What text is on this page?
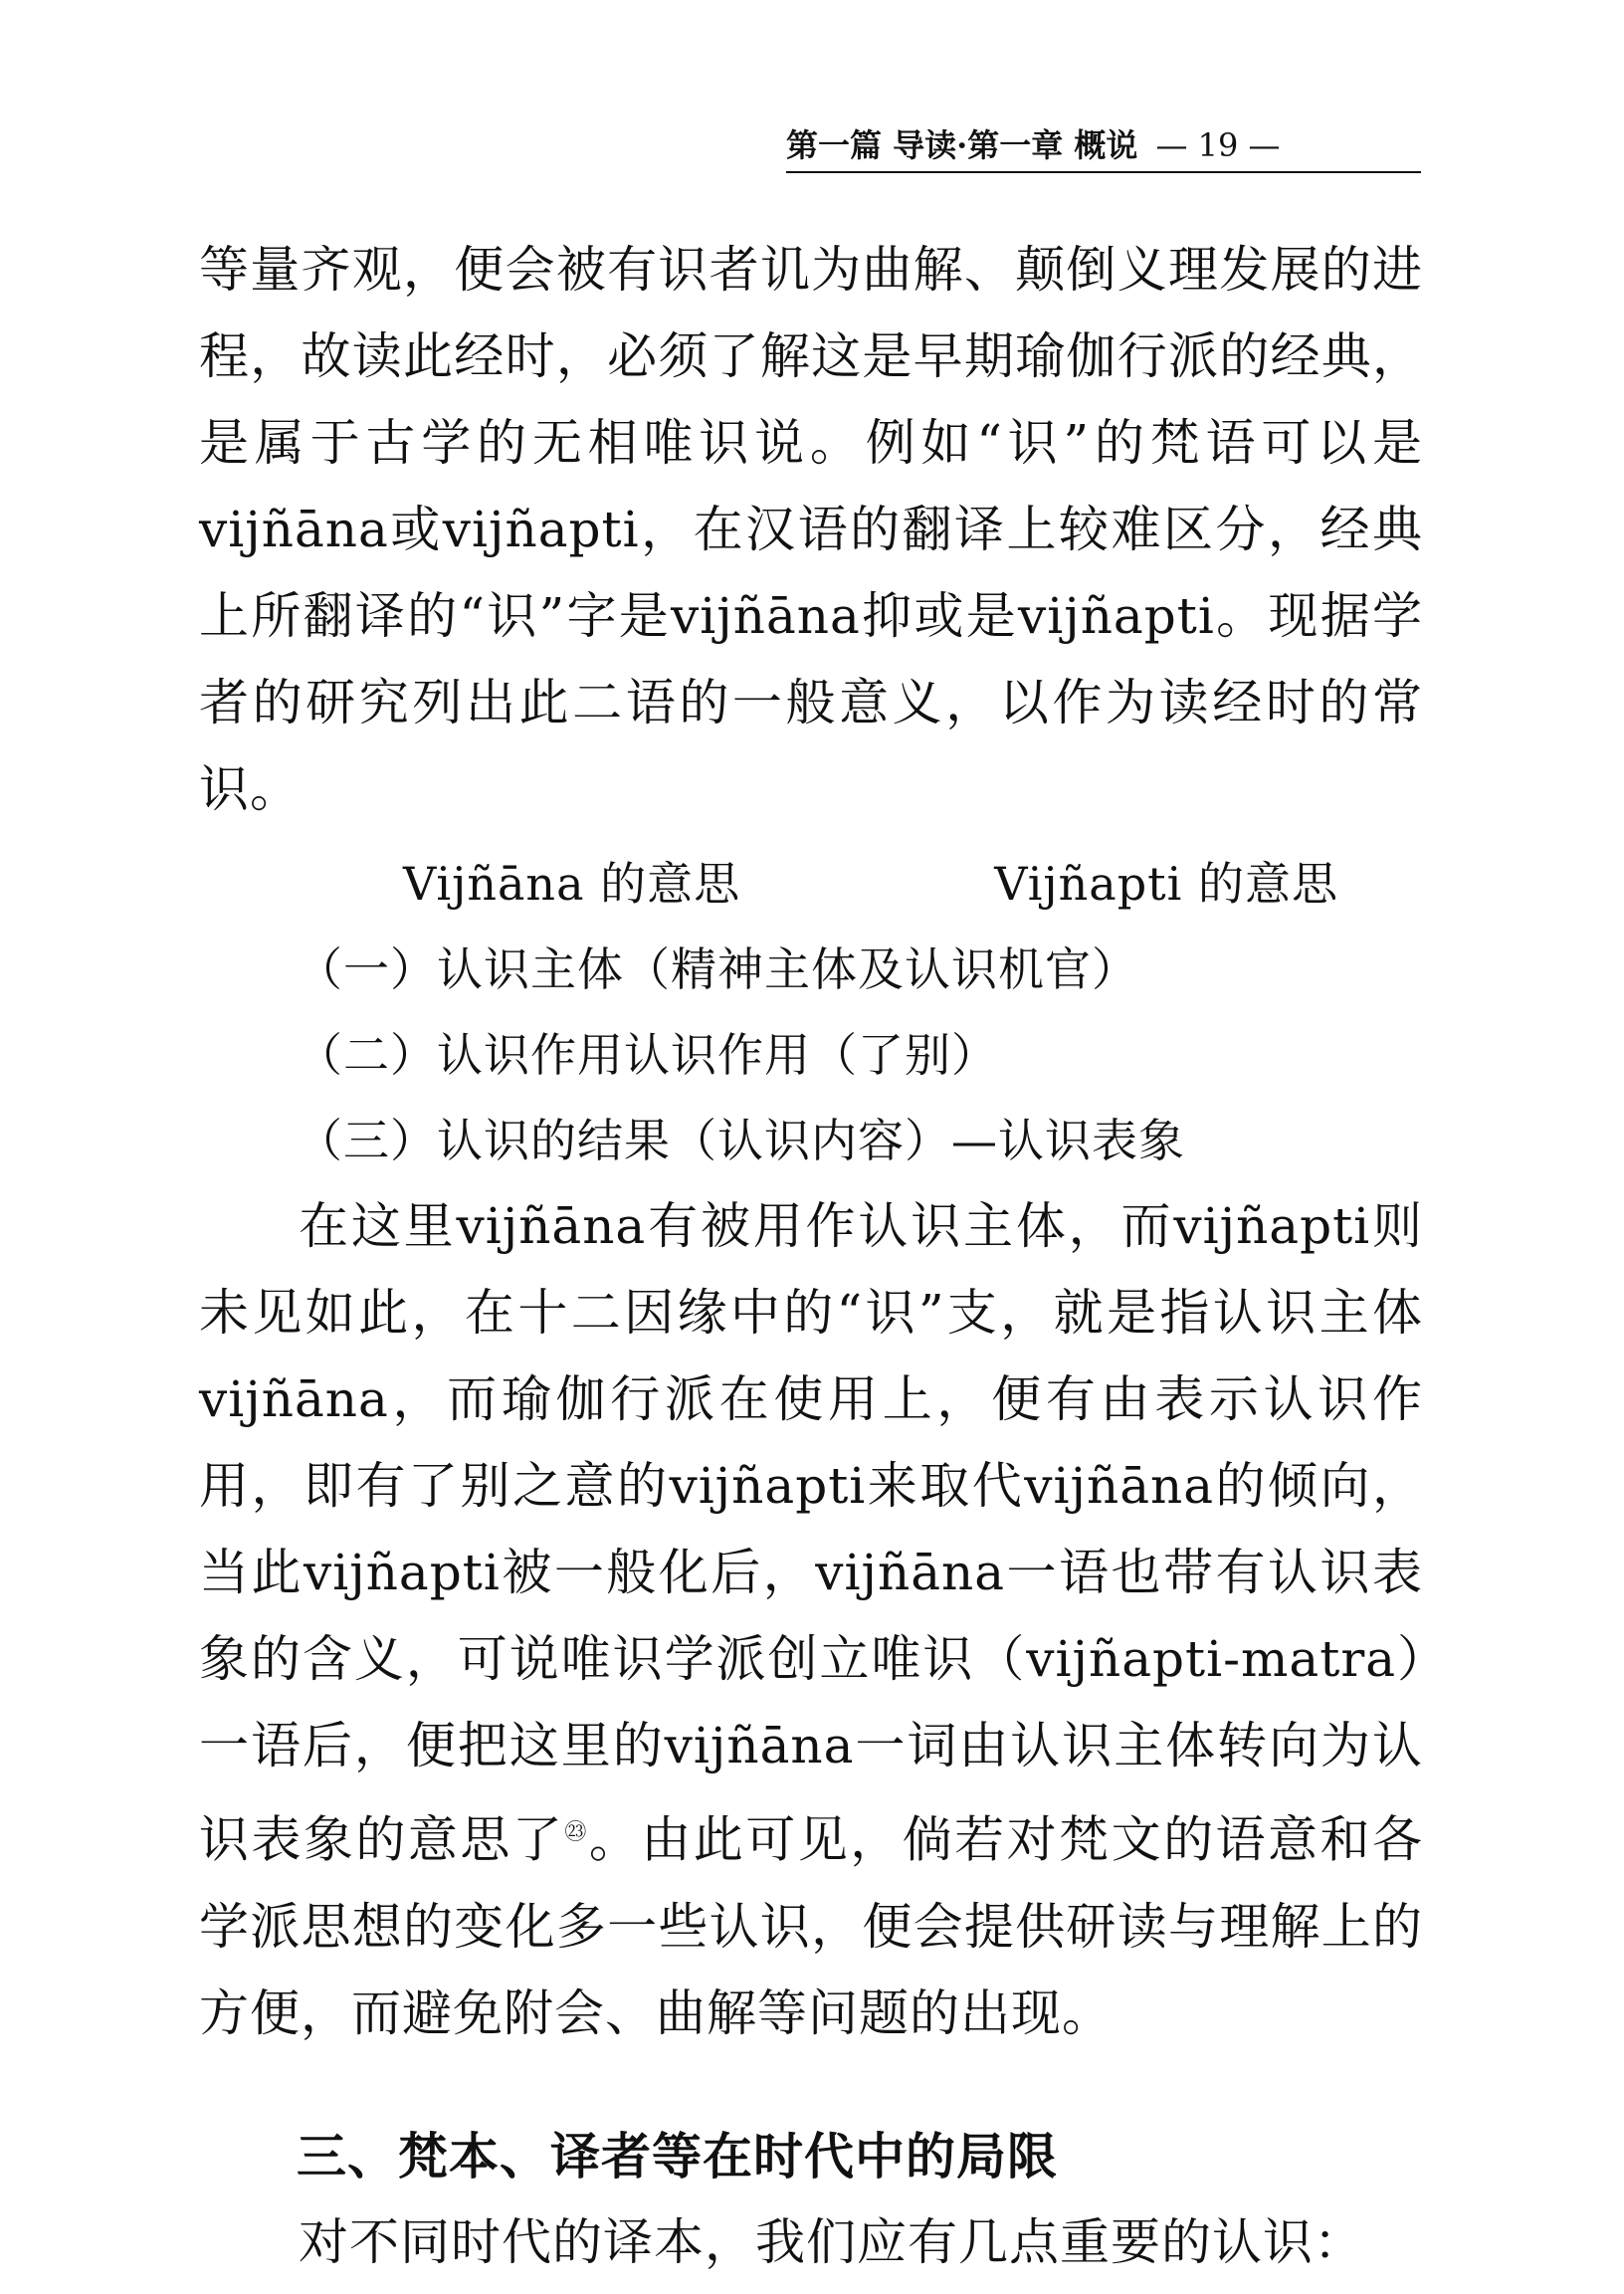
第一篇 导读·第一章 概说 — 19 —

等量齐观，便会被有识者讥为曲解、颠倒义理发展的进程，故读此经时，必须了解这是早期瑜伽行派的经典，是属于古学的无相唯识说。例如“识”的梵语可以是vijñāna或vijñapti，在汉语的翻译上较难区分，经典上所翻译的“识”字是vijñāna抑或是vijñapti。现据学者的研究列出此二语的一般意义，以作为读经时的常识。

Vijñāna 的意思	Vijñapti 的意思
（一）认识主体（精神主体及认识机官）
（二）认识作用认识作用（了别）
（三）认识的结果（认识内容）—认识表象

在这里vijñāna有被用作认识主体，而vijñapti则未见如此，在十二因缘中的“识”支，就是指认识主体vijñāna，而瑜伽行派在使用上，便有由表示认识作用，即有了别之意的vijñapti来取代vijñāna的倾向，当此vijñapti被一般化后，vijñāna一语也带有认识表象的含义，可说唯识学派创立唯识（vijñapti-matra）一语后，便把这里的vijñāna一词由认识主体转向为认识表象的意思了$^㉓$。由此可见，倘若对梵文的语意和各学派思想的变化多一些认识，便会提供研读与理解上的方便，而避免附会、曲解等问题的出现。

三、梵本、译者等在时代中的局限

对不同时代的译本，我们应有几点重要的认识：
